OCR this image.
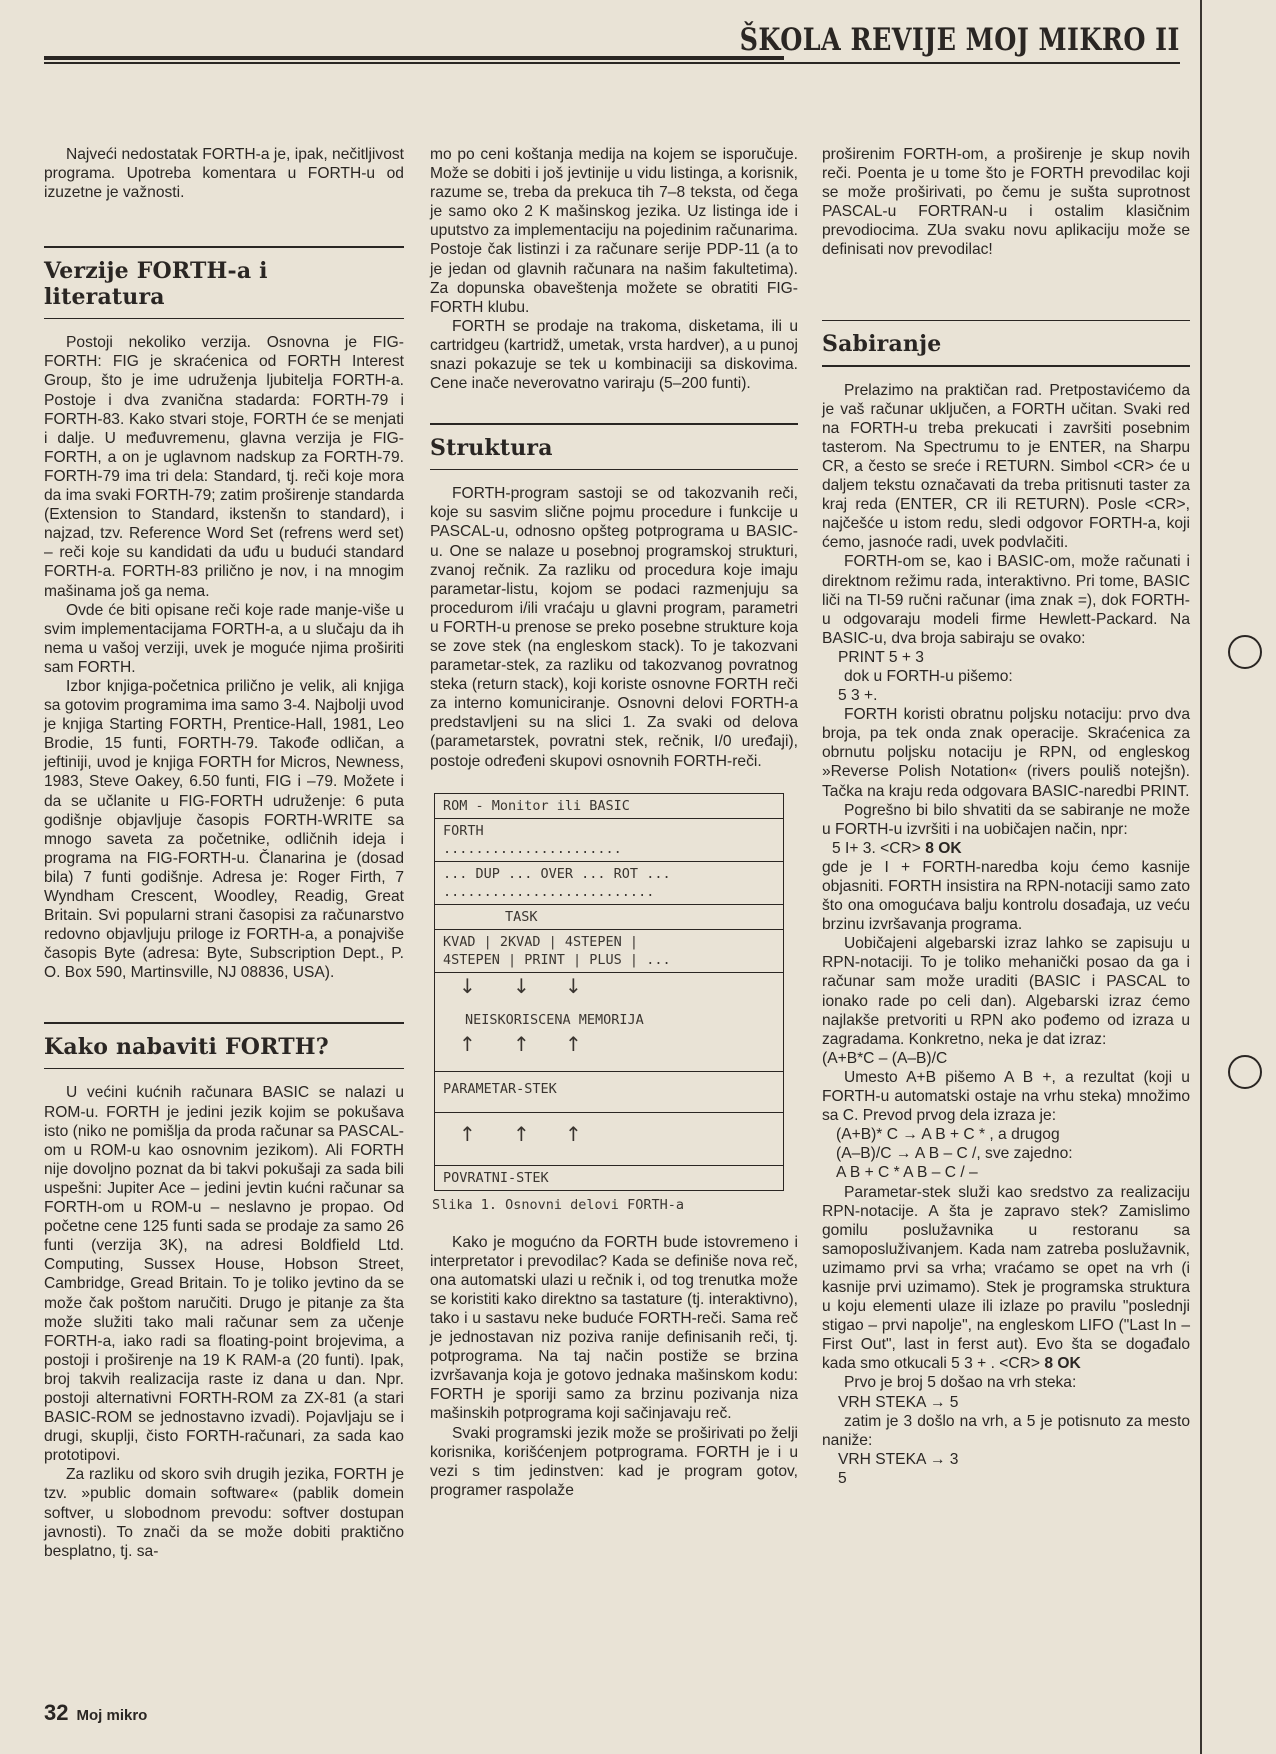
ŠKOLA REVIJE MOJ MIKRO II

Najveći nedostatak FORTH-a je, ipak, nečitljivost programa. Upotreba komentara u FORTH-u od izuzetne je važnosti.

Verzije FORTH-a i literatura

Postoji nekoliko verzija. Osnovna je FIG-FORTH: FIG je skraćenica od FORTH Interest Group, što je ime udruženja ljubitelja FORTH-a. Postoje i dva zvanična stadarda: FORTH-79 i FORTH-83. Kako stvari stoje, FORTH će se menjati i dalje. U međuvremenu, glavna verzija je FIG-FORTH, a on je uglavnom nadskup za FORTH-79. FORTH-79 ima tri dela: Standard, tj. reči koje mora da ima svaki FORTH-79; zatim proširenje standarda (Extension to Standard, ikstenšn to standard), i najzad, tzv. Reference Word Set (refrens werd set) – reči koje su kandidati da uđu u budući standard FORTH-a. FORTH-83 prilično je nov, i na mnogim mašinama još ga nema.

Ovde će biti opisane reči koje rade manje-više u svim implementacijama FORTH-a, a u slučaju da ih nema u vašoj verziji, uvek je moguće njima proširiti sam FORTH.

Izbor knjiga-početnica prilično je velik, ali knjiga sa gotovim programima ima samo 3-4. Najbolji uvod je knjiga Starting FORTH, Prentice-Hall, 1981, Leo Brodie, 15 funti, FORTH-79. Takođe odličan, a jeftiniji, uvod je knjiga FORTH for Micros, Newness, 1983, Steve Oakey, 6.50 funti, FIG i –79. Možete i da se učlanite u FIG-FORTH udruženje: 6 puta godišnje objavljuje časopis FORTH-WRITE sa mnogo saveta za početnike, odličnih ideja i programa na FIG-FORTH-u. Članarina je (dosad bila) 7 funti godišnje. Adresa je: Roger Firth, 7 Wyndham Crescent, Woodley, Readig, Great Britain. Svi popularni strani časopisi za računarstvo redovno objavljuju priloge iz FORTH-a, a ponajviše časopis Byte (adresa: Byte, Subscription Dept., P. O. Box 590, Martinsville, NJ 08836, USA).

Kako nabaviti FORTH?

U većini kućnih računara BASIC se nalazi u ROM-u. FORTH je jedini jezik kojim se pokušava isto (niko ne pomišlja da proda računar sa PASCAL-om u ROM-u kao osnovnim jezikom). Ali FORTH nije dovoljno poznat da bi takvi pokušaji za sada bili uspešni: Jupiter Ace – jedini jevtin kućni računar sa FORTH-om u ROM-u – neslavno je propao. Od početne cene 125 funti sada se prodaje za samo 26 funti (verzija 3K), na adresi Boldfield Ltd. Computing, Sussex House, Hobson Street, Cambridge, Gread Britain. To je toliko jevtino da se može čak poštom naručiti. Drugo je pitanje za šta može služiti tako mali računar sem za učenje FORTH-a, iako radi sa floating-point brojevima, a postoji i proširenje na 19 K RAM-a (20 funti). Ipak, broj takvih realizacija raste iz dana u dan. Npr. postoji alternativni FORTH-ROM za ZX-81 (a stari BASIC-ROM se jednostavno izvadi). Pojavljaju se i drugi, skuplji, čisto FORTH-računari, za sada kao prototipovi.

Za razliku od skoro svih drugih jezika, FORTH je tzv. »public domain software« (pablik domein softver, u slobodnom prevodu: softver dostupan javnosti). To znači da se može dobiti praktično besplatno, tj. sa-

mo po ceni koštanja medija na kojem se isporučuje. Može se dobiti i još jevtinije u vidu listinga, a korisnik, razume se, treba da prekuca tih 7–8 teksta, od čega je samo oko 2 K mašinskog jezika. Uz listinga ide i uputstvo za implementaciju na pojedinim računarima. Postoje čak listinzi i za računare serije PDP-11 (a to je jedan od glavnih računara na našim fakultetima). Za dopunska obaveštenja možete se obratiti FIG-FORTH klubu.

FORTH se prodaje na trakoma, disketama, ili u cartridgeu (kartridž, umetak, vrsta hardver), a u punoj snazi pokazuje se tek u kombinaciji sa diskovima. Cene inače neverovatno variraju (5–200 funti).

Struktura

FORTH-program sastoji se od takozvanih reči, koje su sasvim slične pojmu procedure i funkcije u PASCAL-u, odnosno opšteg potprograma u BASIC-u. One se nalaze u posebnoj programskoj strukturi, zvanoj rečnik. Za razliku od procedura koje imaju parametar-listu, kojom se podaci razmenjuju sa procedurom i/ili vraćaju u glavni program, parametri u FORTH-u prenose se preko posebne strukture koja se zove stek (na engleskom stack). To je takozvani parametar-stek, za razliku od takozvanog povratnog steka (return stack), koji koriste osnovne FORTH reči za interno komuniciranje. Osnovni delovi FORTH-a predstavljeni su na slici 1. Za svaki od delova (parametarstek, povratni stek, rečnik, I/0 uređaji), postoje određeni skupovi osnovnih FORTH-reči.

ROM - Monitor ili BASIC
FORTH
......................
... DUP ... OVER ... ROT ...
..........................
TASK
KVAD | 2KVAD | 4STEPEN |
4STEPEN | PRINT | PLUS | ...

↓

↓

↓

NEISKORISCENA MEMORIJA

↑

↑

↑

PARAMETAR-STEK

↑

↑

↑

POVRATNI-STEK
Slika 1. Osnovni delovi FORTH-a

Kako je mogućno da FORTH bude istovremeno i interpretator i prevodilac? Kada se definiše nova reč, ona automatski ulazi u rečnik i, od tog trenutka može se koristiti kako direktno sa tastature (tj. interaktivno), tako i u sastavu neke buduće FORTH-reči. Sama reč je jednostavan niz poziva ranije definisanih reči, tj. potprograma. Na taj način postiže se brzina izvršavanja koja je gotovo jednaka mašinskom kodu: FORTH je sporiji samo za brzinu pozivanja niza mašinskih potprograma koji sačinjavaju reč.

Svaki programski jezik može se proširivati po želji korisnika, korišćenjem potprograma. FORTH je i u vezi s tim jedinstven: kad je program gotov, programer raspolaže

proširenim FORTH-om, a proširenje je skup novih reči. Poenta je u tome što je FORTH prevodilac koji se može proširivati, po čemu je sušta suprotnost PASCAL-u FORTRAN-u i ostalim klasičnim prevodiocima. ZUa svaku novu aplikaciju može se definisati nov prevodilac!

Sabiranje

Prelazimo na praktičan rad. Pretpostavićemo da je vaš računar uključen, a FORTH učitan. Svaki red na FORTH-u treba prekucati i završiti posebnim tasterom. Na Spectrumu to je ENTER, na Sharpu CR, a često se sreće i RETURN. Simbol <CR> će u daljem tekstu označavati da treba pritisnuti taster za kraj reda (ENTER, CR ili RETURN). Posle <CR>, najčešće u istom redu, sledi odgovor FORTH-a, koji ćemo, jasnoće radi, uvek podvlačiti.

FORTH-om se, kao i BASIC-om, može računati i direktnom režimu rada, interaktivno. Pri tome, BASIC liči na TI-59 ručni računar (ima znak =), dok FORTH-u odgovaraju modeli firme Hewlett-Packard. Na BASIC-u, dva broja sabiraju se ovako:

PRINT 5 + 3

dok u FORTH-u pišemo:

5 3 +.

FORTH koristi obratnu poljsku notaciju: prvo dva broja, pa tek onda znak operacije. Skraćenica za obrnutu poljsku notaciju je RPN, od engleskog »Reverse Polish Notation« (rivers pouliš notejšn). Tačka na kraju reda odgovara BASIC-naredbi PRINT.

Pogrešno bi bilo shvatiti da se sabiranje ne može u FORTH-u izvršiti i na uobičajen način, npr:

5 I+ 3. <CR> 8 OK

gde je I + FORTH-naredba koju ćemo kasnije objasniti. FORTH insistira na RPN-notaciji samo zato što ona omogućava balju kontrolu dosađaja, uz veću brzinu izvršavanja programa.

Uobičajeni algebarski izraz lahko se zapisuju u RPN-notaciji. To je toliko mehanički posao da ga i računar sam može uraditi (BASIC i PASCAL to ionako rade po celi dan). Algebarski izraz ćemo najlakše pretvoriti u RPN ako pođemo od izraza u zagradama. Konkretno, neka je dat izraz:

(A+B*C – (A–B)/C

Umesto A+B pišemo A B +, a rezultat (koji u FORTH-u automatski ostaje na vrhu steka) množimo sa C. Prevod prvog dela izraza je:

(A+B)* C → A B + C * , a drugog

(A–B)/C → A B – C /, sve zajedno:

A B + C * A B – C / –

Parametar-stek služi kao sredstvo za realizaciju RPN-notacije. A šta je zapravo stek? Zamislimo gomilu poslužavnika u restoranu sa samoposluživanjem. Kada nam zatreba poslužavnik, uzimamo prvi sa vrha; vraćamo se opet na vrh (i kasnije prvi uzimamo). Stek je programska struktura u koju elementi ulaze ili izlaze po pravilu "poslednji stigao – prvi napolje", na engleskom LIFO ("Last In – First Out", last in ferst aut). Evo šta se događalo kada smo otkucali 5 3 + . <CR> 8 OK

Prvo je broj 5 došao na vrh steka:

VRH STEKA → 5

zatim je 3 došlo na vrh, a 5 je potisnuto za mesto naniže:

VRH STEKA → 3

5

32 Moj mikro
